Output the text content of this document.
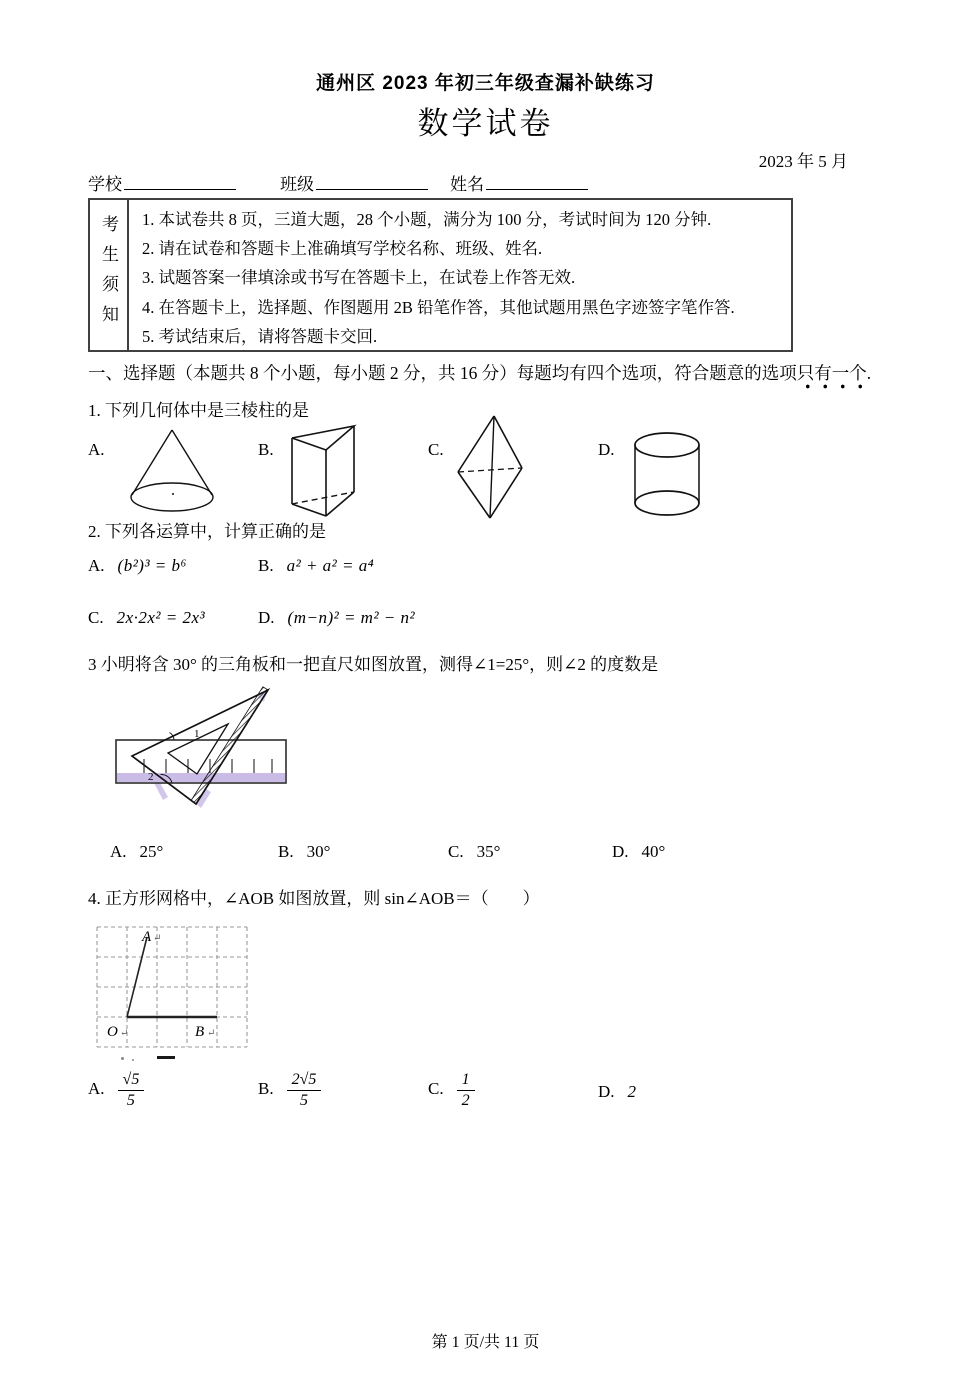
通州区 2023 年初三年级查漏补缺练习
数学试卷
2023 年 5 月
学校	班级	姓名
考生须知 1. 本试卷共 8 页，三道大题，28 个小题，满分为 100 分，考试时间为 120 分钟.
2. 请在试卷和答题卡上准确填写学校名称、班级、姓名.
3. 试题答案一律填涂或书写在答题卡上，在试卷上作答无效.
4. 在答题卡上，选择题、作图题用 2B 铅笔作答，其他试题用黑色字迹签字笔作答.
5. 考试结束后，请将答题卡交回.
一、选择题（本题共 8 个小题，每小题 2 分，共 16 分）每题均有四个选项，符合题意的选项只有一个.
1. 下列几何体中是三棱柱的是
A.	B.	C.	D.
2. 下列各运算中，计算正确的是
A. (b²)³ = b⁶	B. a² + a² = a⁴
C. 2x·2x² = 2x³	D. (m−n)² = m² − n²
3 小明将含 30° 的三角板和一把直尺如图放置，测得∠1=25°，则∠2 的度数是
1
2
A. 25°	B. 30°	C. 35°	D. 40°
4. 正方形网格中，∠AOB 如图放置，则 sin∠AOB＝（　　）
A ↵
O ↵	B ↵
A. $\frac{√5}{5}$	B. $\frac{2√5}{5}$	C. $\frac{1}{2}$	D. 2
第 1 页/共 11 页
